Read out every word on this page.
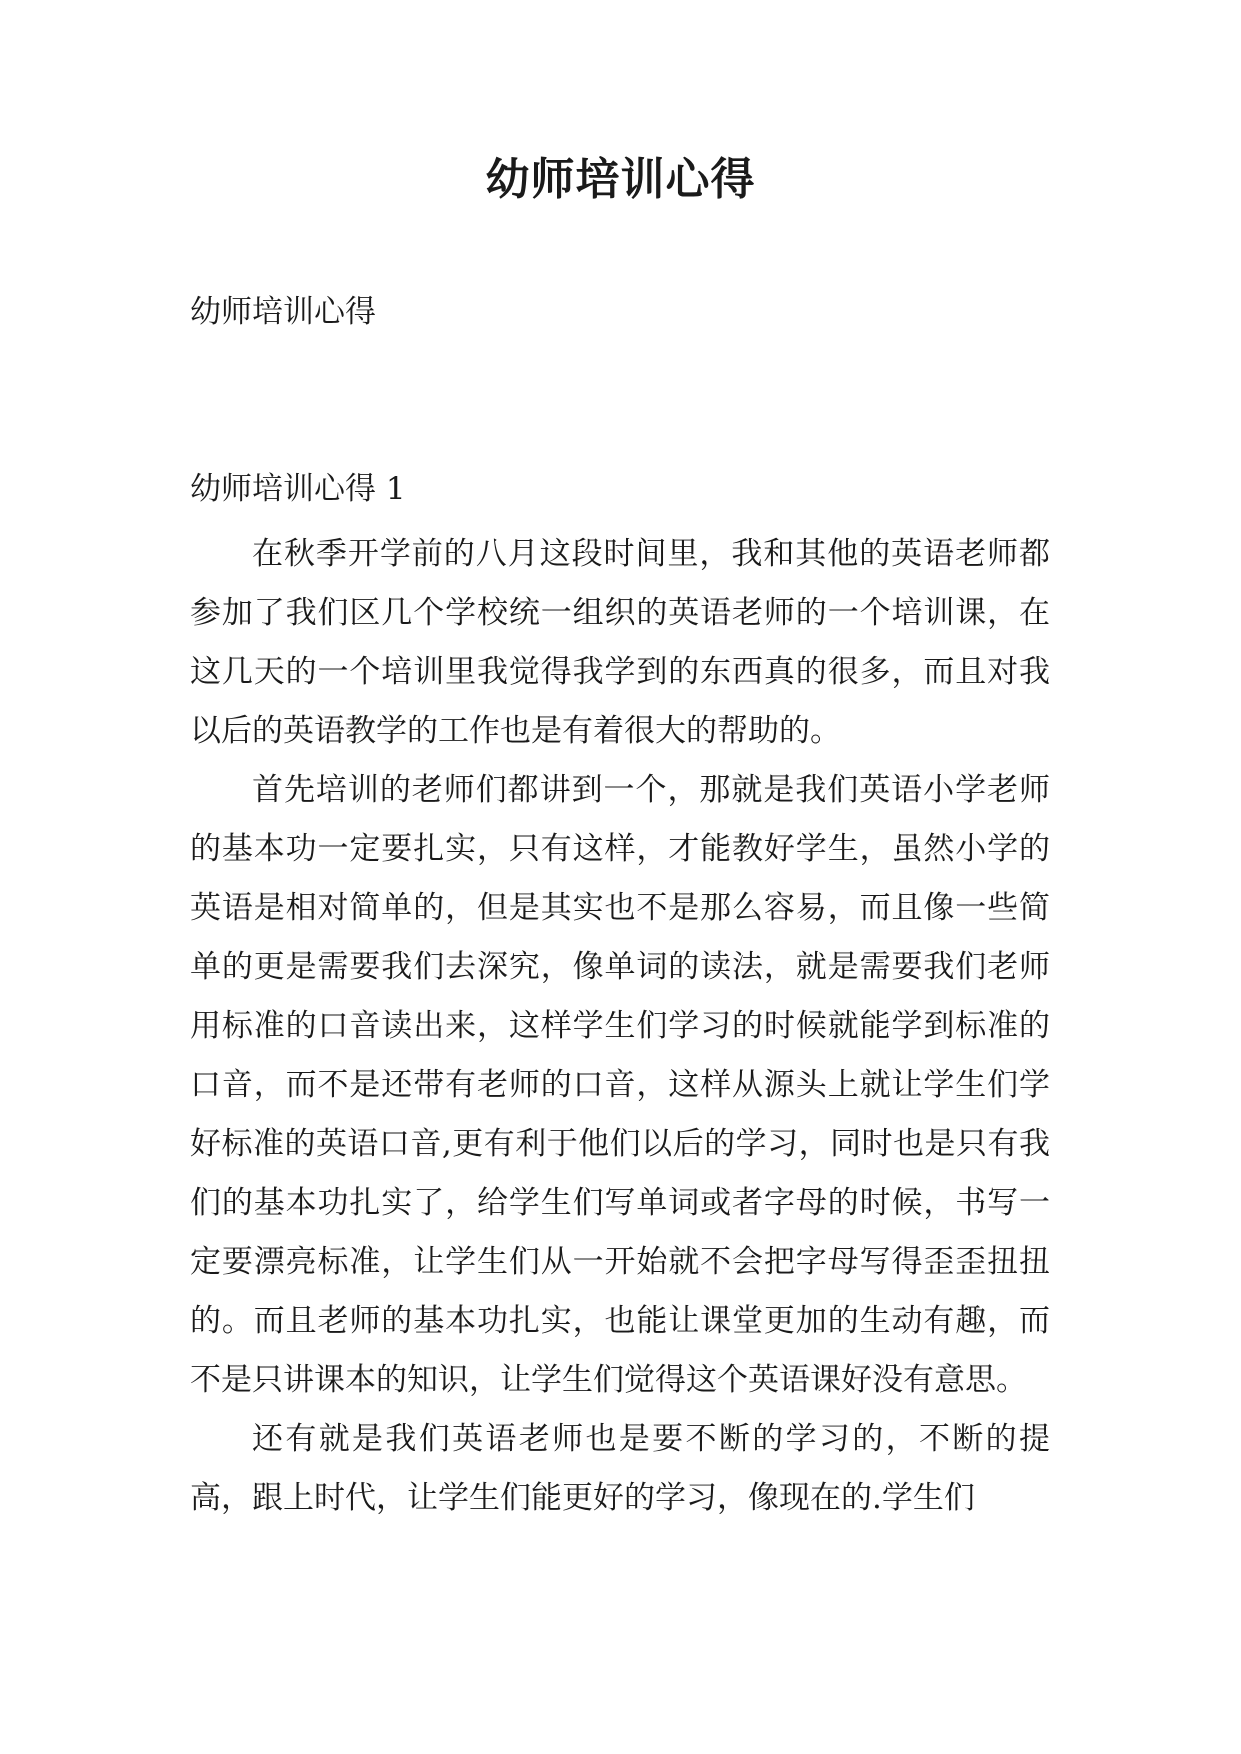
幼师培训心得
幼师培训心得
幼师培训心得 1

在秋季开学前的八月这段时间里，我和其他的英语老师都参加了我们区几个学校统一组织的英语老师的一个培训课，在这几天的一个培训里我觉得我学到的东西真的很多，而且对我以后的英语教学的工作也是有着很大的帮助的。

首先培训的老师们都讲到一个，那就是我们英语小学老师的基本功一定要扎实，只有这样，才能教好学生，虽然小学的英语是相对简单的，但是其实也不是那么容易，而且像一些简单的更是需要我们去深究，像单词的读法，就是需要我们老师用标准的口音读出来，这样学生们学习的时候就能学到标准的口音，而不是还带有老师的口音，这样从源头上就让学生们学好标准的英语口音,更有利于他们以后的学习，同时也是只有我们的基本功扎实了，给学生们写单词或者字母的时候，书写一定要漂亮标准，让学生们从一开始就不会把字母写得歪歪扭扭的。而且老师的基本功扎实，也能让课堂更加的生动有趣，而不是只讲课本的知识，让学生们觉得这个英语课好没有意思。

还有就是我们英语老师也是要不断的学习的，不断的提高，跟上时代，让学生们能更好的学习，像现在的.学生们
